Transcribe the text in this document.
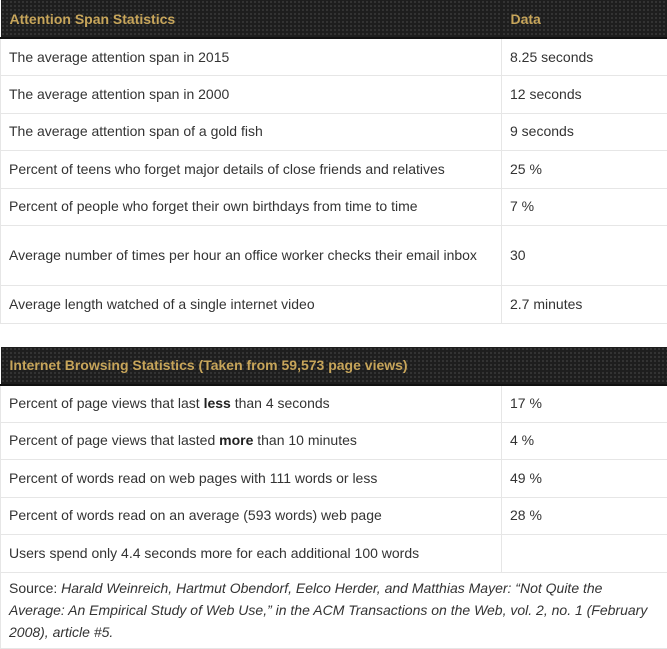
Attention Span Statistics	Data
The average attention span in 2015	8.25 seconds
The average attention span in 2000	12 seconds
The average attention span of a gold fish	9 seconds
Percent of teens who forget major details of close friends and relatives	25 %
Percent of people who forget their own birthdays from time to time	7 %
Average number of times per hour an office worker checks their email inbox	30
Average length watched of a single internet video	2.7 minutes
Internet Browsing Statistics (Taken from 59,573 page views)	
Percent of page views that last less than 4 seconds	17 %
Percent of page views that lasted more than 10 minutes	4 %
Percent of words read on web pages with 111 words or less	49 %
Percent of words read on an average (593 words) web page	28 %
Users spend only 4.4 seconds more for each additional 100 words	
Source: Harald Weinreich, Hartmut Obendorf, Eelco Herder, and Matthias Mayer: “Not Quite the Average: An Empirical Study of Web Use,” in the ACM Transactions on the Web, vol. 2, no. 1 (February 2008), article #5.	
